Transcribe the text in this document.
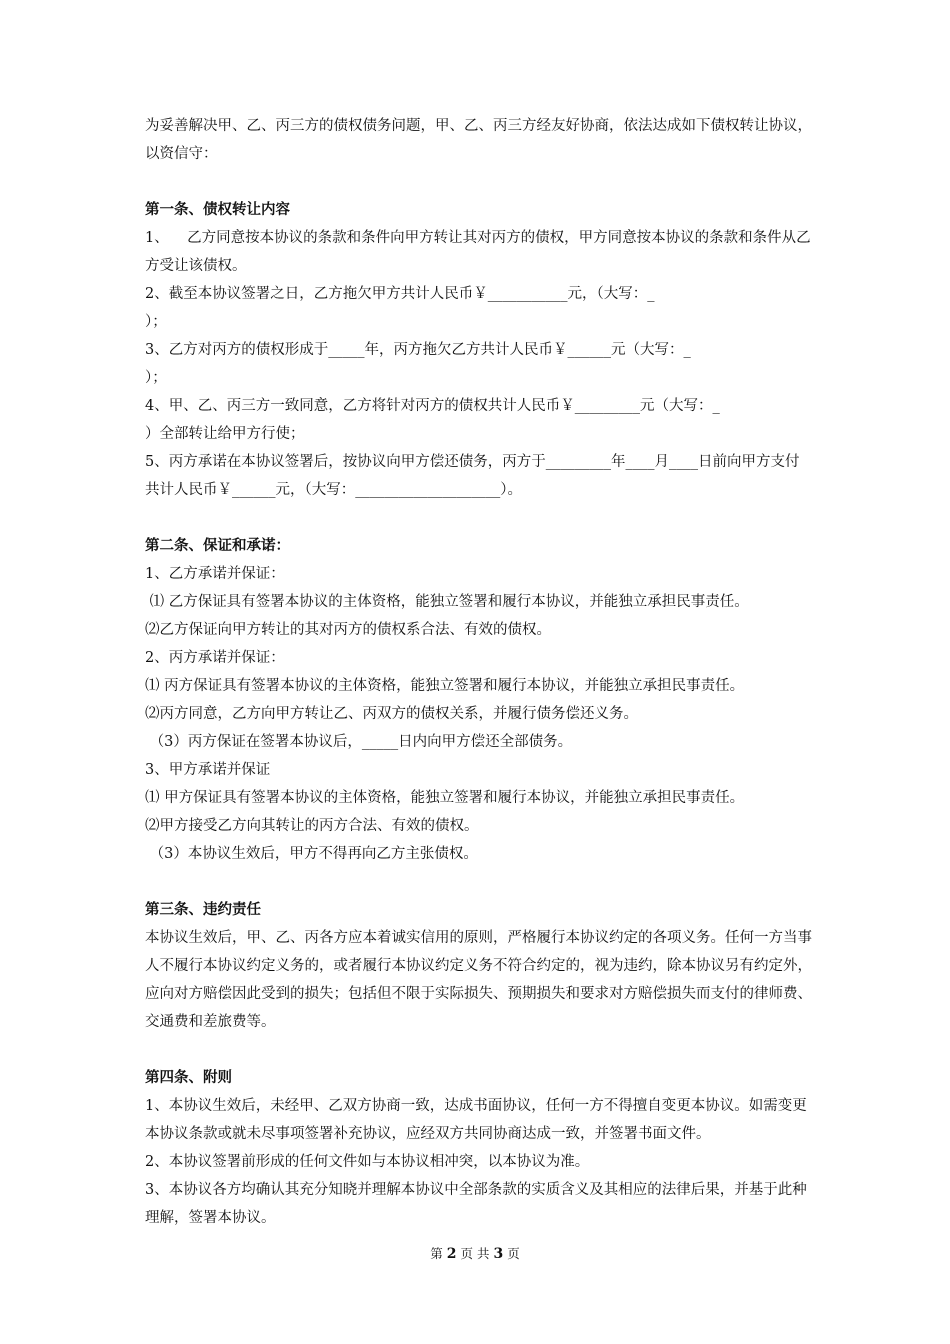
为妥善解决甲、乙、丙三方的债权债务问题，甲、乙、丙三方经友好协商，依法达成如下债权转让协议，以资信守：

第一条、债权转让内容

1、    乙方同意按本协议的条款和条件向甲方转让其对丙方的债权，甲方同意按本协议的条款和条件从乙方受让该债权。

2、截至本协议签署之日，乙方拖欠甲方共计人民币￥___________元，（大写：_

）；

3、乙方对丙方的债权形成于_____年，丙方拖欠乙方共计人民币￥______元（大写：_

）；

4、甲、乙、丙三方一致同意，乙方将针对丙方的债权共计人民币￥_________元（大写：_

）全部转让给甲方行使；

5、丙方承诺在本协议签署后，按协议向甲方偿还债务，丙方于_________年____月____日前向甲方支付共计人民币￥______元，（大写：____________________）。

第二条、保证和承诺：

1、乙方承诺并保证：

⑴ 乙方保证具有签署本协议的主体资格，能独立签署和履行本协议，并能独立承担民事责任。

⑵乙方保证向甲方转让的其对丙方的债权系合法、有效的债权。

2、丙方承诺并保证：

⑴ 丙方保证具有签署本协议的主体资格，能独立签署和履行本协议，并能独立承担民事责任。

⑵丙方同意，乙方向甲方转让乙、丙双方的债权关系，并履行债务偿还义务。

（3）丙方保证在签署本协议后，_____日内向甲方偿还全部债务。

3、甲方承诺并保证

⑴ 甲方保证具有签署本协议的主体资格，能独立签署和履行本协议，并能独立承担民事责任。

⑵甲方接受乙方向其转让的丙方合法、有效的债权。

（3）本协议生效后，甲方不得再向乙方主张债权。

第三条、违约责任

本协议生效后，甲、乙、丙各方应本着诚实信用的原则，严格履行本协议约定的各项义务。任何一方当事人不履行本协议约定义务的，或者履行本协议约定义务不符合约定的，视为违约，除本协议另有约定外，应向对方赔偿因此受到的损失；包括但不限于实际损失、预期损失和要求对方赔偿损失而支付的律师费、交通费和差旅费等。

第四条、附则

1、本协议生效后，未经甲、乙双方协商一致，达成书面协议，任何一方不得擅自变更本协议。如需变更本协议条款或就未尽事项签署补充协议，应经双方共同协商达成一致，并签署书面文件。

2、本协议签署前形成的任何文件如与本协议相冲突，以本协议为准。

3、本协议各方均确认其充分知晓并理解本协议中全部条款的实质含义及其相应的法律后果，并基于此种理解，签署本协议。

第 2 页 共 3 页
